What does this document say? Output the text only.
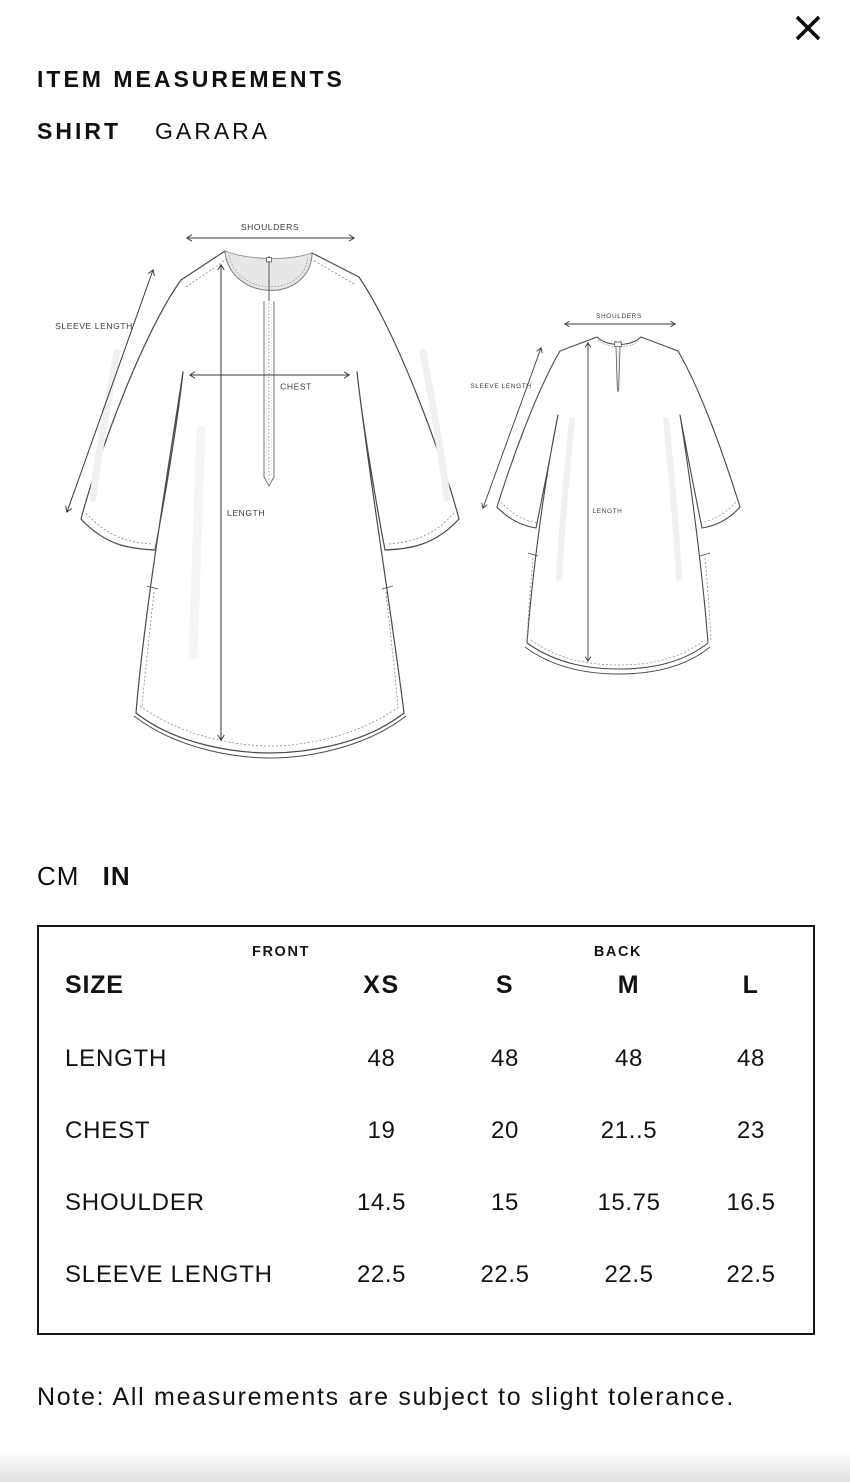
ITEM MEASUREMENTS
SHIRT GARARA
SHOULDERS
CHEST
LENGTH
SLEEVE LENGTH
SHOULDERS
LENGTH
SLEEVE LENGTH
FRONT	BACK
CM IN
SIZE	XS	S	M	L
LENGTH	48	48	48	48
CHEST	19	20	21..5	23
SHOULDER	14.5	15	15.75	16.5
SLEEVE LENGTH	22.5	22.5	22.5	22.5
Note: All measurements are subject to slight tolerance.
